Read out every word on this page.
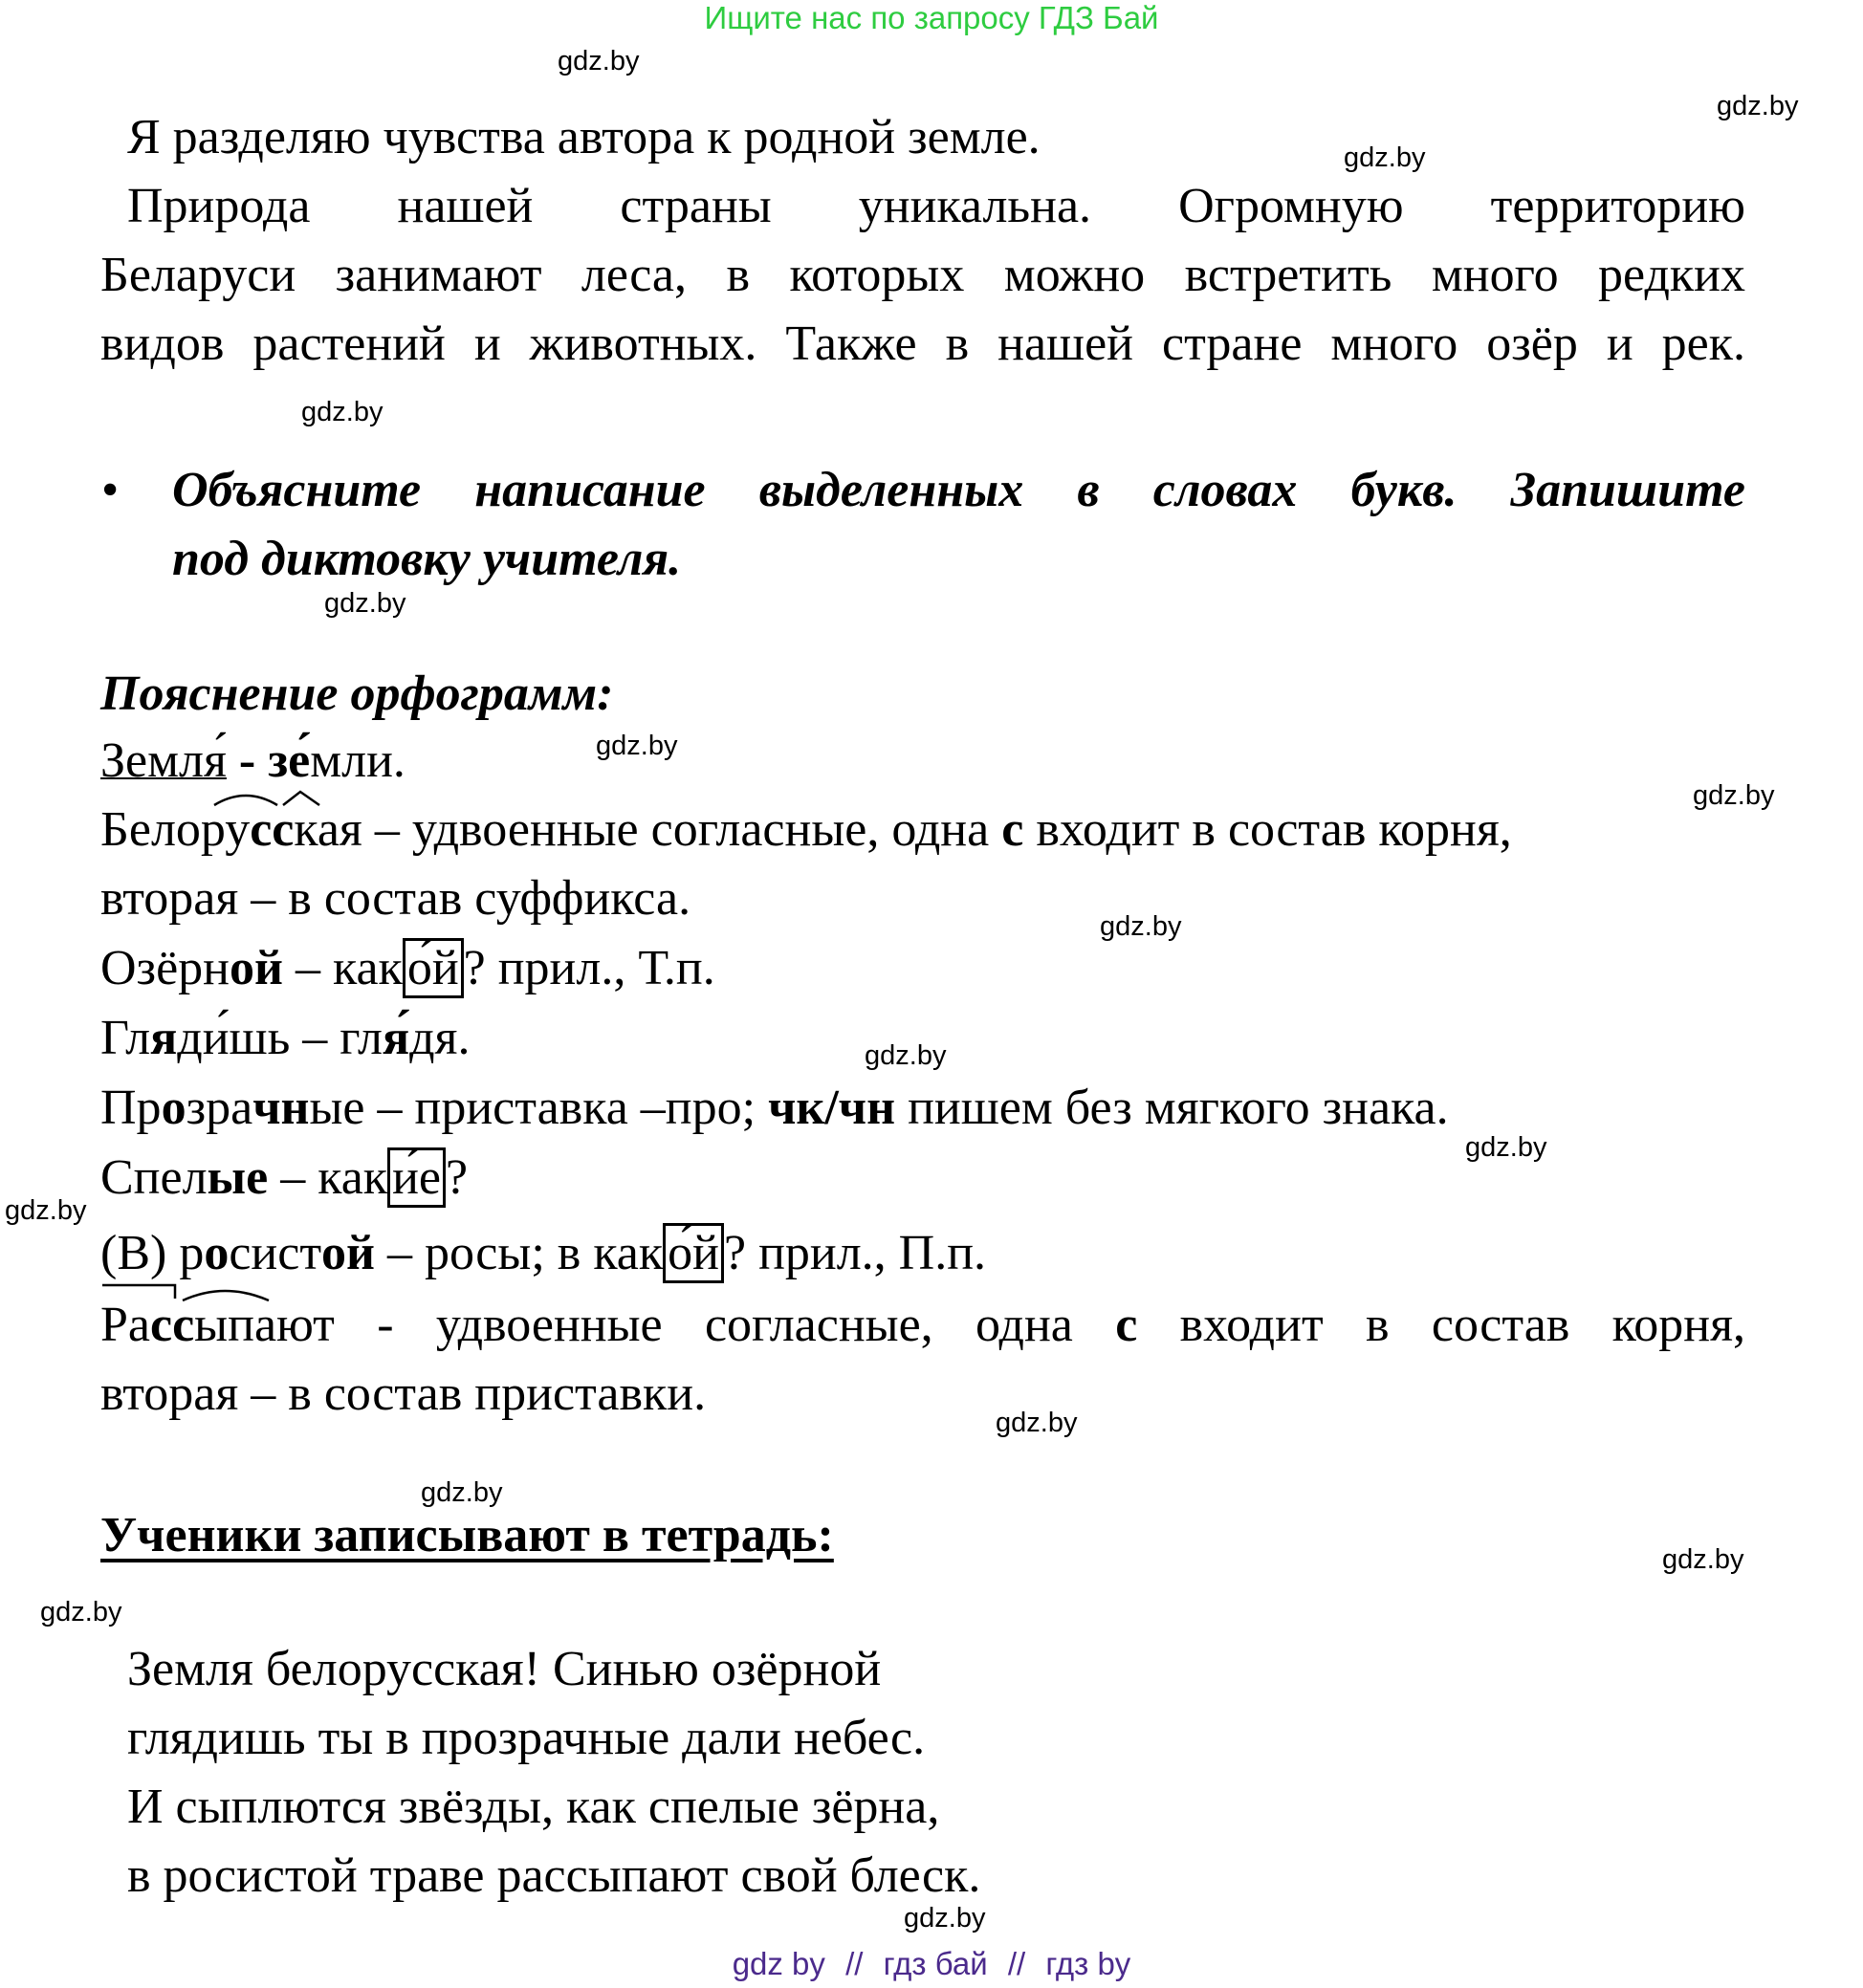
Ищите нас по запросу ГДЗ Бай
gdz.by
gdz.by
gdz.by
gdz.by
gdz.by
gdz.by
gdz.by
gdz.by
gdz.by
gdz.by
gdz.by
gdz.by
gdz.by
gdz.by
gdz.by
gdz.by
Я разделяю чувства автора к родной земле.
Природа нашей страны уникальна. Огромную территорию
Беларуси занимают леса, в которых можно встретить много редких
видов растений и животных. Также в нашей стране много озёр и рек.
• Объясните написание выделенных в словах букв. Запишите
под диктовку учителя.
Пояснение орфограмм:
Земля́ - зе́мли.
Белорусская – удвоенные согласные, одна с входит в состав корня,
вторая – в состав суффикса.
Озёрной – како́й? прил., Т.п.
Гляди́шь – гля́дя.
Прозрачные – приставка –про; чк/чн пишем без мягкого знака.
Спелые – каки́е?
(В) росистой – росы; в како́й? прил., П.п.
Рассыпают - удвоенные согласные, одна с входит в состав корня,
вторая – в состав приставки.
Ученики записывают в тетрадь:
Земля белорусская! Синью озёрной
глядишь ты в прозрачные дали небес.
И сыплются звёзды, как спелые зёрна,
в росистой траве рассыпают свой блеск.
gdz by // гдз бай // гдз by
